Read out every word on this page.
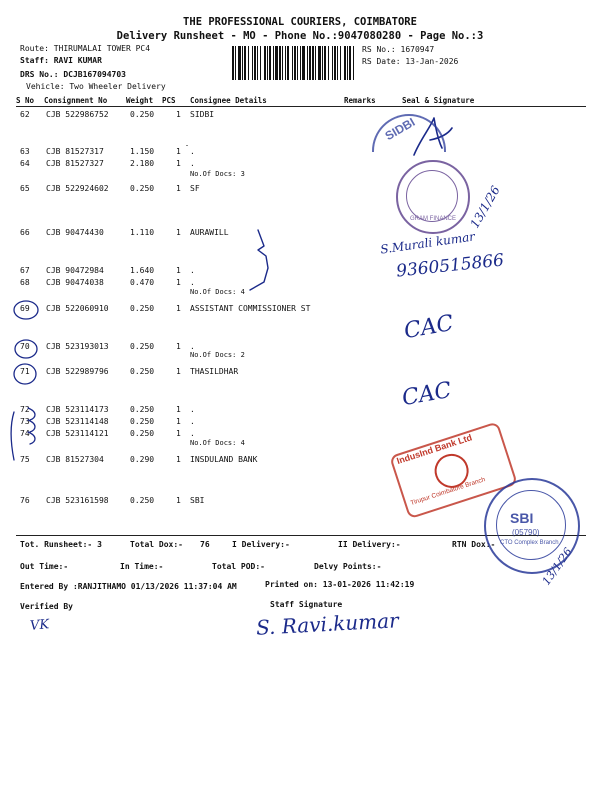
THE PROFESSIONAL COURIERS, COIMBATORE
Delivery Runsheet - MO - Phone No.:9047080280 - Page No.:3
Route: THIRUMALAI TOWER PC4
Staff: RAVI KUMAR
DRS No.: DCJB167094703
Vehicle: Two Wheeler Delivery
RS No.: 1670947
RS Date: 13-Jan-2026
S No Consignment No	Weight PCS Consignee Details	Remarks	Seal & Signature
62 CJB 522986752	0.250	1 SIDBI
63 CJB 81527317	1.150	1 .
64 CJB 81527327	2.180	1 .
65 CJB 522924602	0.250	1 SF
66 CJB 90474430	1.110	1 AURAWILL
67 CJB 90472984	1.640	1 .
68 CJB 90474038	0.470	1 .
69 CJB 522060910	0.250	1 ASSISTANT COMMISSIONER ST
70 CJB 523193013	0.250	1 .
71 CJB 522989796	0.250	1 THASILDHAR
72 CJB 523114173	0.250	1 .
73 CJB 523114148	0.250	1 .
74 CJB 523114121	0.250	1 .
75 CJB 81527304	0.290	1 INSDULAND BANK
76 CJB 523161598	0.250	1 SBI
No.Of Docs: 3
No.Of Docs: 4
No.Of Docs: 2
No.Of Docs: 4
Tot. Runsheet:- 3	Total Dox:- 76	I Delivery:-	II Delivery:-	RTN Dox:-
Out Time:-	In Time:-	Total POD:-	Delvy Points:-
Entered By :RANJITHAMO 01/13/2026 11:37:04 AM	Printed on: 13-01-2026 11:42:19
Verified By	Staff Signature
S.Murali kumar
9360515866
13/1/26
CAC
CAC
13/1/26
VK	S. Ravi.kumar
SIDBI
GRAM FINANCE
IndusInd Bank Ltd
Tirupur Coimbatore Branch
SBI
(05790)
CTO Complex Branch
